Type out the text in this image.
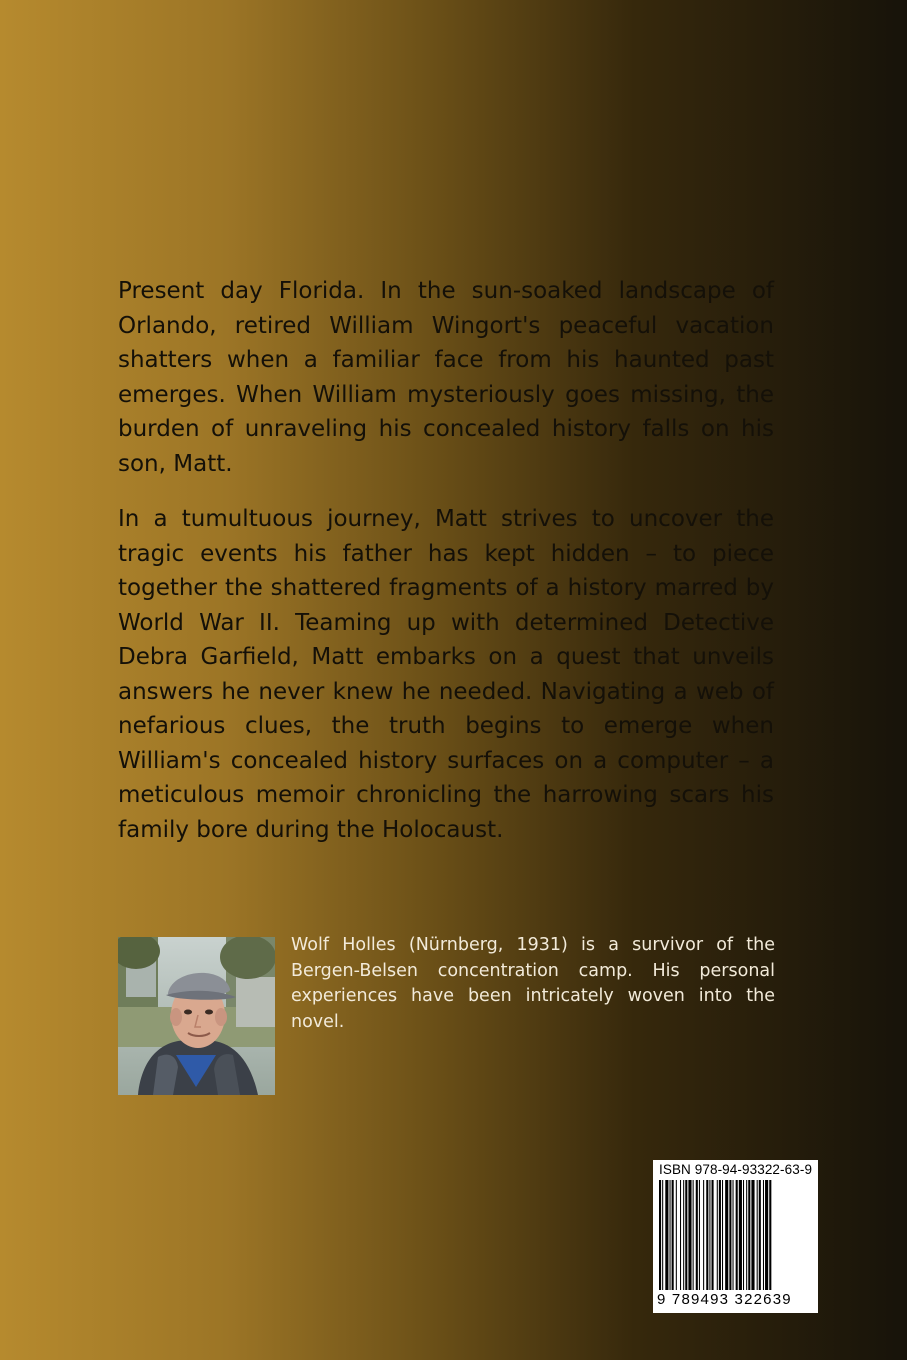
Present day Florida. In the sun-soaked landscape of Orlando, retired William Wingort's peaceful vacation shatters when a familiar face from his haunted past emerges. When William mysteriously goes missing, the burden of unraveling his concealed history falls on his son, Matt.

In a tumultuous journey, Matt strives to uncover the tragic events his father has kept hidden – to piece together the shattered fragments of a history marred by World War II. Teaming up with determined Detective Debra Garfield, Matt embarks on a quest that unveils answers he never knew he needed. Navigating a web of nefarious clues, the truth begins to emerge when William's concealed history surfaces on a computer – a meticulous memoir chronicling the harrowing scars his family bore during the Holocaust.

Wolf Holles (Nürnberg, 1931) is a survivor of the Bergen-Belsen concentration camp. His personal experiences have been intricately woven into the novel.
ISBN 978-94-93322-63-9
9 789493 322639
